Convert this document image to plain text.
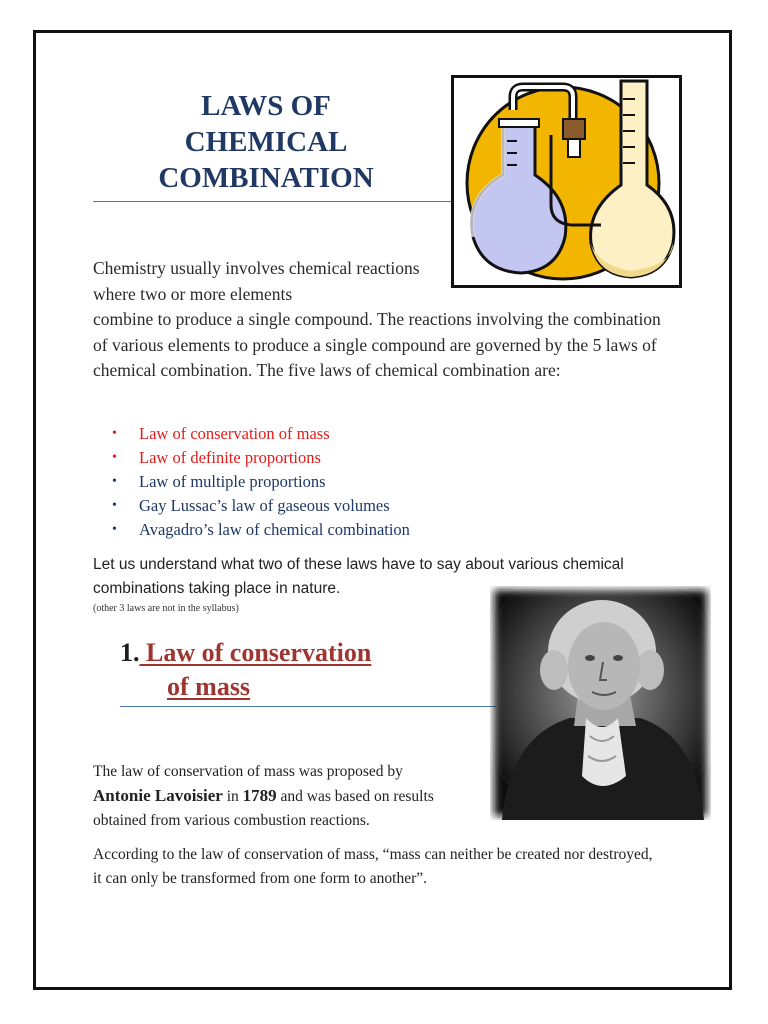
LAWS OF
CHEMICAL
COMBINATION

Chemistry usually involves chemical reactions where two or more elements

combine to produce a single compound. The reactions involving the combination of various elements to produce a single compound are governed by the 5 laws of chemical combination. The five laws of chemical combination are:

• Law of conservation of mass
• Law of definite proportions
• Law of multiple proportions
• Gay Lussac’s law of gaseous volumes
• Avagadro’s law of chemical combination

Let us understand what two of these laws have to say about various chemical combinations taking place in nature.

(other 3 laws are not in the syllabus)

1. Law of conservation
of mass

The law of conservation of mass was proposed by
Antonie Lavoisier in 1789 and was based on results obtained from various combustion reactions.

According to the law of conservation of mass, “mass can neither be created nor destroyed, it can only be transformed from one form to another”.
